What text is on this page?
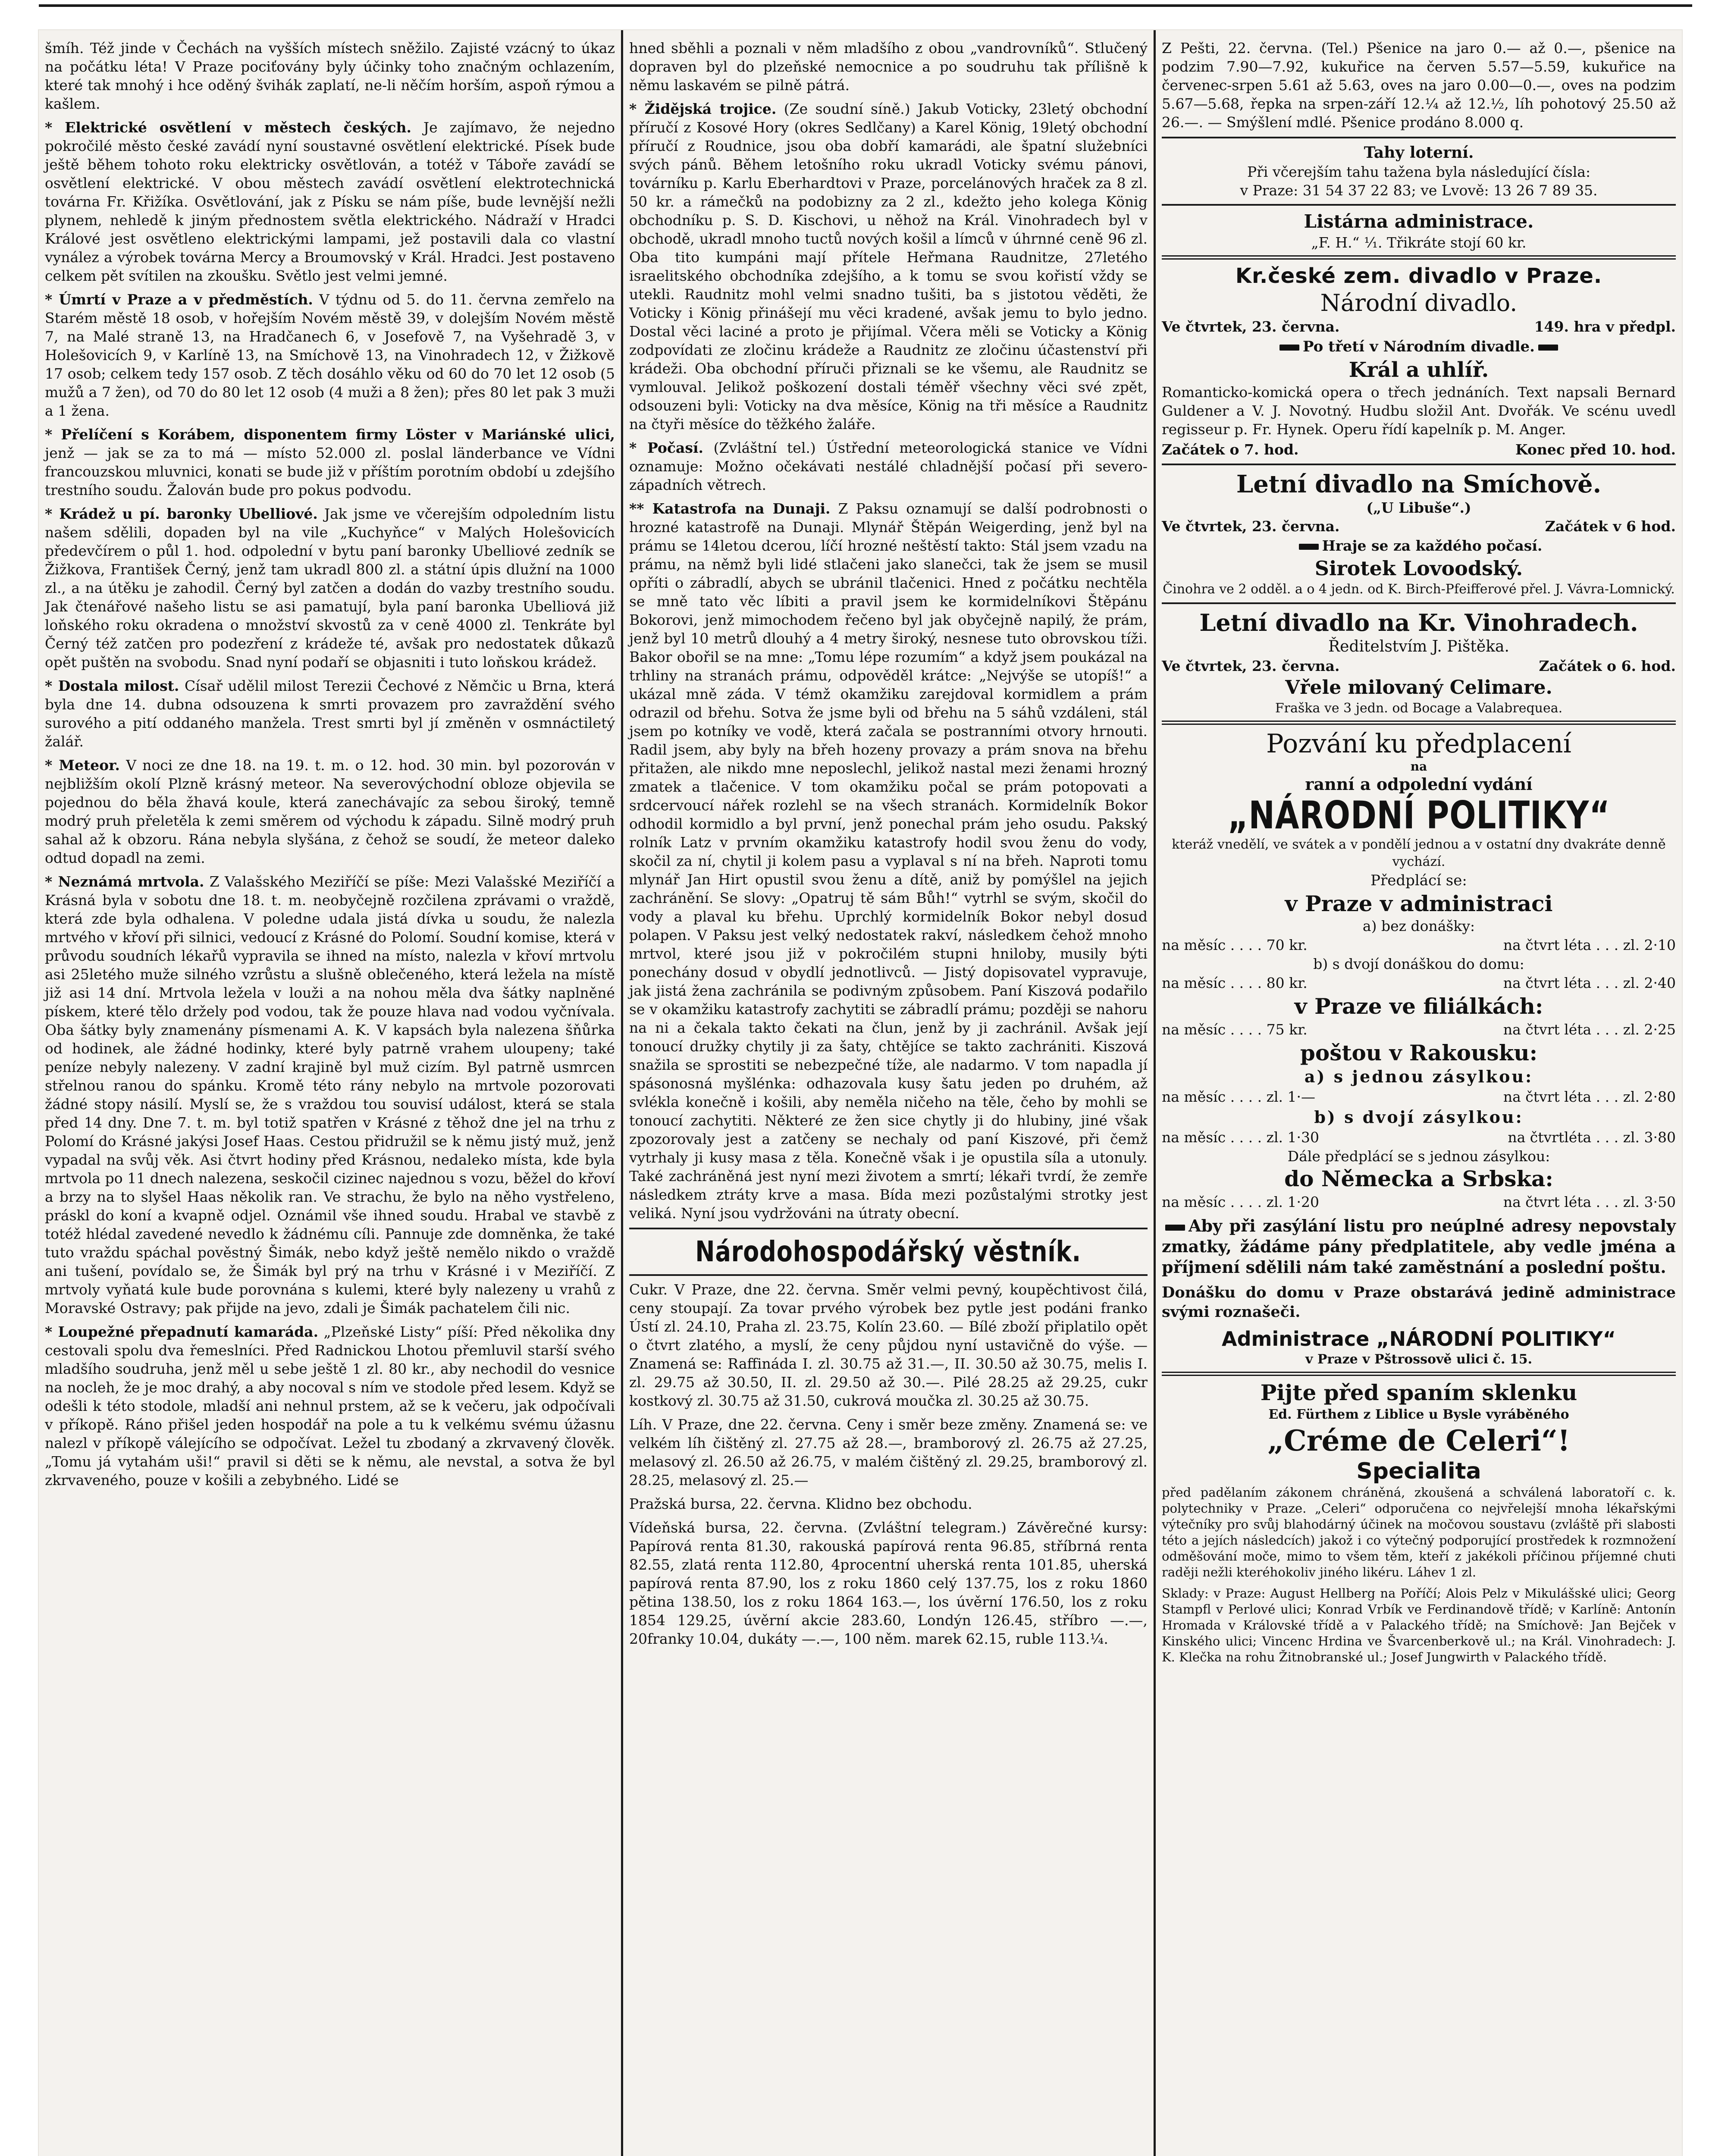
šmíh. Též jinde v Čechách na vyšších místech sněžilo. Zajisté vzácný to úkaz na počátku léta! V Praze pociťovány byly účinky toho značným ochlazením, které tak mnohý i hce oděný švihák zaplatí, ne-li něčím horším, aspoň rýmou a kašlem.

* Elektrické osvětlení v městech českých. Je zajímavo, že nejedno pokročilé město české zavádí nyní soustavné osvětlení elektrické. Písek bude ještě během tohoto roku elektricky osvětlován, a totéž v Táboře zavádí se osvětlení elektrické. V obou městech zavádí osvětlení elektrotechnická továrna Fr. Křižíka. Osvětlování, jak z Písku se nám píše, bude levnější nežli plynem, nehledě k jiným přednostem světla elektrického. Nádraží v Hradci Králové jest osvětleno elektrickými lampami, jež postavili dala co vlastní vynález a výrobek továrna Mercy a Broumovský v Král. Hradci. Jest postaveno celkem pět svítilen na zkoušku. Světlo jest velmi jemné.

* Úmrtí v Praze a v předměstích. V týdnu od 5. do 11. června zemřelo na Starém městě 18 osob, v hořejším Novém městě 39, v dolejším Novém městě 7, na Malé straně 13, na Hradčanech 6, v Josefově 7, na Vyšehradě 3, v Holešovicích 9, v Karlíně 13, na Smíchově 13, na Vinohradech 12, v Žižkově 17 osob; celkem tedy 157 osob. Z těch dosáhlo věku od 60 do 70 let 12 osob (5 mužů a 7 žen), od 70 do 80 let 12 osob (4 muži a 8 žen); přes 80 let pak 3 muži a 1 žena.

* Přelíčení s Korábem, disponentem firmy Löster v Mariánské ulici, jenž — jak se za to má — místo 52.000 zl. poslal länderbance ve Vídni francouzskou mluvnici, konati se bude již v příštím porotním období u zdejšího trestního soudu. Žalován bude pro pokus podvodu.

* Krádež u pí. baronky Ubelliové. Jak jsme ve včerejším odpoledním listu našem sdělili, dopaden byl na vile „Kuchyňce“ v Malých Holešovicích předevčírem o půl 1. hod. odpolední v bytu paní baronky Ubelliové zedník se Žižkova, František Černý, jenž tam ukradl 800 zl. a státní úpis dlužní na 1000 zl., a na útěku je zahodil. Černý byl zatčen a dodán do vazby trestního soudu. Jak čtenářové našeho listu se asi pamatují, byla paní baronka Ubelliová již loňského roku okradena o množství skvostů za v ceně 4000 zl. Tenkráte byl Černý též zatčen pro podezření z krádeže té, avšak pro nedostatek důkazů opět puštěn na svobodu. Snad nyní podaří se objasniti i tuto loňskou krádež.

* Dostala milost. Císař udělil milost Terezii Čechové z Němčic u Brna, která byla dne 14. dubna odsouzena k smrti provazem pro zavraždění svého surového a pití oddaného manžela. Trest smrti byl jí změněn v osmnáctiletý žalář.

* Meteor. V noci ze dne 18. na 19. t. m. o 12. hod. 30 min. byl pozorován v nejbližším okolí Plzně krásný meteor. Na severovýchodní obloze objevila se pojednou do běla žhavá koule, která zanechávajíc za sebou široký, temně modrý pruh přeletěla k zemi směrem od východu k západu. Silně modrý pruh sahal až k obzoru. Rána nebyla slyšána, z čehož se soudí, že meteor daleko odtud dopadl na zemi.

* Neznámá mrtvola. Z Valašského Meziříčí se píše: Mezi Valašské Meziříčí a Krásná byla v sobotu dne 18. t. m. neobyčejně rozčilena zprávami o vraždě, která zde byla odhalena. V poledne udala jistá dívka u soudu, že nalezla mrtvého v křoví při silnici, vedoucí z Krásné do Polomí. Soudní komise, která v průvodu soudních lékařů vypravila se ihned na místo, nalezla v křoví mrtvolu asi 25letého muže silného vzrůstu a slušně oblečeného, která ležela na místě již asi 14 dní. Mrtvola ležela v louži a na nohou měla dva šátky naplněné pískem, které tělo držely pod vodou, tak že pouze hlava nad vodou vyčnívala. Oba šátky byly znamenány písmenami A. K. V kapsách byla nalezena šňůrka od hodinek, ale žádné hodinky, které byly patrně vrahem uloupeny; také peníze nebyly nalezeny. V zadní krajině byl muž cizím. Byl patrně usmrcen střelnou ranou do spánku. Kromě této rány nebylo na mrtvole pozorovati žádné stopy násilí. Myslí se, že s vraždou tou souvisí událost, která se stala před 14 dny. Dne 7. t. m. byl totiž spatřen v Krásné z těhož dne jel na trhu z Polomí do Krásné jakýsi Josef Haas. Cestou přidružil se k němu jistý muž, jenž vypadal na svůj věk. Asi čtvrt hodiny před Krásnou, nedaleko místa, kde byla mrtvola po 11 dnech nalezena, seskočil cizinec najednou s vozu, běžel do křoví a brzy na to slyšel Haas několik ran. Ve strachu, že bylo na něho vystřeleno, práskl do koní a kvapně odjel. Oznámil vše ihned soudu. Hrabal ve stavbě z totéž hlédal zavedené nevedlo k žádnému cíli. Pannuje zde domněnka, že také tuto vraždu spáchal pověstný Šimák, nebo když ještě nemělo nikdo o vraždě ani tušení, povídalo se, že Šimák byl prý na trhu v Krásné i v Meziříčí. Z mrtvoly vyňatá kule bude porovnána s kulemi, které byly nalezeny u vrahů z Moravské Ostravy; pak přijde na jevo, zdali je Šimák pachatelem čili nic.

* Loupežné přepadnutí kamaráda. „Plzeňské Listy“ píší: Před několika dny cestovali spolu dva řemeslníci. Před Radnickou Lhotou přemluvil starší svého mladšího soudruha, jenž měl u sebe ještě 1 zl. 80 kr., aby nechodil do vesnice na nocleh, že je moc drahý, a aby nocoval s ním ve stodole před lesem. Když se odešli k této stodole, mladší ani nehnul prstem, až se k večeru, jak odpočívali v příkopě. Ráno přišel jeden hospodář na pole a tu k velkému svému úžasnu nalezl v příkopě válejícího se odpočívat. Ležel tu zbodaný a zkrvavený člověk. „Tomu já vytahám uši!“ pravil si děti se k němu, ale nevstal, a sotva že byl zkrvaveného, pouze v košili a zebybného. Lidé se

hned sběhli a poznali v něm mladšího z obou „vandrovníků“. Stlučený dopraven byl do plzeňské nemocnice a po soudruhu tak přílišně k němu laskavém se pilně pátrá.

* Židějská trojice. (Ze soudní síně.) Jakub Voticky, 23letý obchodní příručí z Kosové Hory (okres Sedlčany) a Karel König, 19letý obchodní příručí z Roudnice, jsou oba dobří kamarádi, ale špatní služebníci svých pánů. Během letošního roku ukradl Voticky svému pánovi, továrníku p. Karlu Eberhardtovi v Praze, porcelánových hraček za 8 zl. 50 kr. a rámečků na podobizny za 2 zl., kdežto jeho kolega König obchodníku p. S. D. Kischovi, u něhož na Král. Vinohradech byl v obchodě, ukradl mnoho tuctů nových košil a límců v úhrnné ceně 96 zl. Oba tito kumpáni mají přítele Heřmana Raudnitze, 27letého israelitského obchodníka zdejšího, a k tomu se svou kořistí vždy se utekli. Raudnitz mohl velmi snadno tušiti, ba s jistotou věděti, že Voticky i König přinášejí mu věci kradené, avšak jemu to bylo jedno. Dostal věci laciné a proto je přijímal. Včera měli se Voticky a König zodpovídati ze zločinu krádeže a Raudnitz ze zločinu účastenství při krádeži. Oba obchodní příruči přiznali se ke všemu, ale Raudnitz se vymlouval. Jelikož poškození dostali téměř všechny věci své zpět, odsouzeni byli: Voticky na dva měsíce, König na tři měsíce a Raudnitz na čtyři měsíce do těžkého žaláře.

* Počasí. (Zvláštní tel.) Ústřední meteorologická stanice ve Vídni oznamuje: Možno očekávati nestálé chladnější počasí při severo-západních větrech.

** Katastrofa na Dunaji. Z Paksu oznamují se další podrobnosti o hrozné katastrofě na Dunaji. Mlynář Štěpán Weigerding, jenž byl na prámu se 14letou dcerou, líčí hrozné neštěstí takto: Stál jsem vzadu na prámu, na němž byli lidé stlačeni jako slanečci, tak že jsem se musil opříti o zábradlí, abych se ubránil tlačenici. Hned z počátku nechtěla se mně tato věc líbiti a pravil jsem ke kormidelníkovi Štěpánu Bokorovi, jenž mimochodem řečeno byl jak obyčejně napilý, že prám, jenž byl 10 metrů dlouhý a 4 metry široký, nesnese tuto obrovskou tíži. Bakor obořil se na mne: „Tomu lépe rozumím“ a když jsem poukázal na trhliny na stranách prámu, odpověděl krátce: „Nejvýše se utopíš!“ a ukázal mně záda. V témž okamžiku zarejdoval kormidlem a prám odrazil od břehu. Sotva že jsme byli od břehu na 5 sáhů vzdáleni, stál jsem po kotníky ve vodě, která začala se postranními otvory hrnouti. Radil jsem, aby byly na břeh hozeny provazy a prám snova na břehu přitažen, ale nikdo mne neposlechl, jelikož nastal mezi ženami hrozný zmatek a tlačenice. V tom okamžiku počal se prám potopovati a srdcervoucí nářek rozlehl se na všech stranách. Kormidelník Bokor odhodil kormidlo a byl první, jenž ponechal prám jeho osudu. Pakský rolník Latz v prvním okamžiku katastrofy hodil svou ženu do vody, skočil za ní, chytil ji kolem pasu a vyplaval s ní na břeh. Naproti tomu mlynář Jan Hirt opustil svou ženu a dítě, aniž by pomýšlel na jejich zachránění. Se slovy: „Opatruj tě sám Bůh!“ vytrhl se svým, skočil do vody a plaval ku břehu. Uprchlý kormidelník Bokor nebyl dosud polapen. V Paksu jest velký nedostatek rakví, následkem čehož mnoho mrtvol, které jsou již v pokročilém stupni hniloby, musily býti ponechány dosud v obydlí jednotlivců. — Jistý dopisovatel vypravuje, jak jistá žena zachránila se podivným způsobem. Paní Kiszová podařilo se v okamžiku katastrofy zachytiti se zábradlí prámu; později se nahoru na ni a čekala takto čekati na člun, jenž by ji zachránil. Avšak její tonoucí družky chytily ji za šaty, chtějíce se takto zachrániti. Kiszová snažila se sprostiti se nebezpečné tíže, ale nadarmo. V tom napadla jí spásonosná myšlénka: odhazovala kusy šatu jeden po druhém, až svlékla konečně i košili, aby neměla ničeho na těle, čeho by mohli se tonoucí zachytiti. Některé ze žen sice chytly ji do hlubiny, jiné však zpozorovaly jest a zatčeny se nechaly od paní Kiszové, při čemž vytrhaly ji kusy masa z těla. Konečně však i je opustila síla a utonuly. Také zachráněná jest nyní mezi životem a smrtí; lékaři tvrdí, že zemře následkem ztráty krve a masa. Bída mezi pozůstalými strotky jest veliká. Nyní jsou vydržováni na útraty obecní.

Národohospodářský věstník.

Cukr. V Praze, dne 22. června. Směr velmi pevný, koupěchtivost čilá, ceny stoupají. Za tovar prvého výrobek bez pytle jest podáni franko Ústí zl. 24.10, Praha zl. 23.75, Kolín 23.60. — Bílé zboží připlatilo opět o čtvrt zlatého, a myslí, že ceny půjdou nyní ustavičně do výše. — Znamená se: Raffináda I. zl. 30.75 až 31.—, II. 30.50 až 30.75, melis I. zl. 29.75 až 30.50, II. zl. 29.50 až 30.—. Pilé 28.25 až 29.25, cukr kostkový zl. 30.75 až 31.50, cukrová moučka zl. 30.25 až 30.75.

Líh. V Praze, dne 22. června. Ceny i směr beze změny. Znamená se: ve velkém líh čištěný zl. 27.75 až 28.—, bramborový zl. 26.75 až 27.25, melasový zl. 26.50 až 26.75, v malém čištěný zl. 29.25, bramborový zl. 28.25, melasový zl. 25.—

Pražská bursa, 22. června. Klidno bez obchodu.

Vídeňská bursa, 22. června. (Zvláštní telegram.) Závěrečné kursy: Papírová renta 81.30, rakouská papírová renta 96.85, stříbrná renta 82.55, zlatá renta 112.80, 4procentní uherská renta 101.85, uherská papírová renta 87.90, los z roku 1860 celý 137.75, los z roku 1860 pětina 138.50, los z roku 1864 163.—, los úvěrní 176.50, los z roku 1854 129.25, úvěrní akcie 283.60, Londýn 126.45, stříbro —.—, 20franky 10.04, dukáty —.—, 100 něm. marek 62.15, ruble 113.¼.

Z Pešti, 22. června. (Tel.) Pšenice na jaro 0.— až 0.—, pšenice na podzim 7.90—7.92, kukuřice na červen 5.57—5.59, kukuřice na červenec-srpen 5.61 až 5.63, oves na jaro 0.00—0.—, oves na podzim 5.67—5.68, řepka na srpen-září 12.¼ až 12.½, líh pohotový 25.50 až 26.—. — Smýšlení mdlé. Pšenice prodáno 8.000 q.

Tahy loterní.
Při včerejším tahu tažena byla následující čísla:
v Praze: 31 54 37 22 83; ve Lvově: 13 26 7 89 35.
Listárna administrace.
„F. H.“ ⅟₁. Třikráte stojí 60 kr.
Kr.české zem. divadlo v Praze.
Národní divadlo.
Ve čtvrtek, 23. června.	149. hra v předpl.
Po třetí v Národním divadle.
Král a uhlíř.

Romanticko-komická opera o třech jednáních. Text napsali Bernard Guldener a V. J. Novotný. Hudbu složil Ant. Dvořák. Ve scénu uvedl regisseur p. Fr. Hynek. Operu řídí kapelník p. M. Anger.

Začátek o 7. hod.	Konec před 10. hod.
Letní divadlo na Smíchově.
(„U Libuše“.)
Ve čtvrtek, 23. června.	Začátek v 6 hod.
Hraje se za každého počasí.
Sirotek Lovoodský.
Činohra ve 2 odděl. a o 4 jedn. od K. Birch-Pfeifferové přel. J. Vávra-Lomnický.
Letní divadlo na Kr. Vinohradech.
Ředitelstvím J. Pištěka.
Ve čtvrtek, 23. června.	Začátek o 6. hod.
Vřele milovaný Celimare.
Fraška ve 3 jedn. od Bocage a Valabrequea.
Pozvání ku předplacení
na
ranní a odpolední vydání
„NÁRODNÍ POLITIKY“
kteráž vnedělí, ve svátek a v pondělí jednou a v ostatní dny dvakráte denně vychází.
Předplácí se:
v Praze v administraci
a) bez donášky:
na měsíc . . . . 70 kr.	na čtvrt léta . . . zl. 2·10
b) s dvojí donáškou do domu:
na měsíc . . . . 80 kr.	na čtvrt léta . . . zl. 2·40
v Praze ve filiálkách:
na měsíc . . . . 75 kr.	na čtvrt léta . . . zl. 2·25
poštou v Rakousku:
a) s jednou zásylkou:
na měsíc . . . . zl. 1·—	na čtvrt léta . . . zl. 2·80
b) s dvojí zásylkou:
na měsíc . . . . zl. 1·30	na čtvrtléta . . . zl. 3·80
Dále předplácí se s jednou zásylkou:
do Německa a Srbska:
na měsíc . . . . zl. 1·20	na čtvrt léta . . . zl. 3·50

Aby při zasýlání listu pro neúplné adresy nepovstaly zmatky, žádáme pány předplatitele, aby vedle jména a příjmení sdělili nám také zaměstnání a poslední poštu.

Donášku do domu v Praze obstarává jedině administrace svými roznašeči.

Administrace „NÁRODNÍ POLITIKY“
v Praze v Pštrossově ulici č. 15.
Pijte před spaním sklenku
Ed. Fürthem z Liblice u Bysle vyráběného
„Créme de Celeri“!
Specialita

před padělaním zákonem chráněná, zkoušená a schválená laboratoří c. k. polytechniky v Praze. „Celeri“ odporučena co nejvřelejší mnoha lékařskými výtečníky pro svůj blahodárný účinek na močovou soustavu (zvláště při slabosti této a jejích následcích) jakož i co výtečný podporující prostředek k rozmnožení odměšování moče, mimo to všem těm, kteří z jakékoli příčinou příjemné chuti raději nežli kteréhokoliv jiného likéru. Láhev 1 zl.

Sklady: v Praze: August Hellberg na Poříčí; Alois Pelz v Mikulášské ulici; Georg Stampfl v Perlové ulici; Konrad Vrbík ve Ferdinandově třídě; v Karlíně: Antonín Hromada v Královské třídě a v Palackého třídě; na Smíchově: Jan Bejček v Kinského ulici; Vincenc Hrdina ve Švarcenberkově ul.; na Král. Vinohradech: J. K. Klečka na rohu Žitnobranské ul.; Josef Jungwirth v Palackého třídě.
